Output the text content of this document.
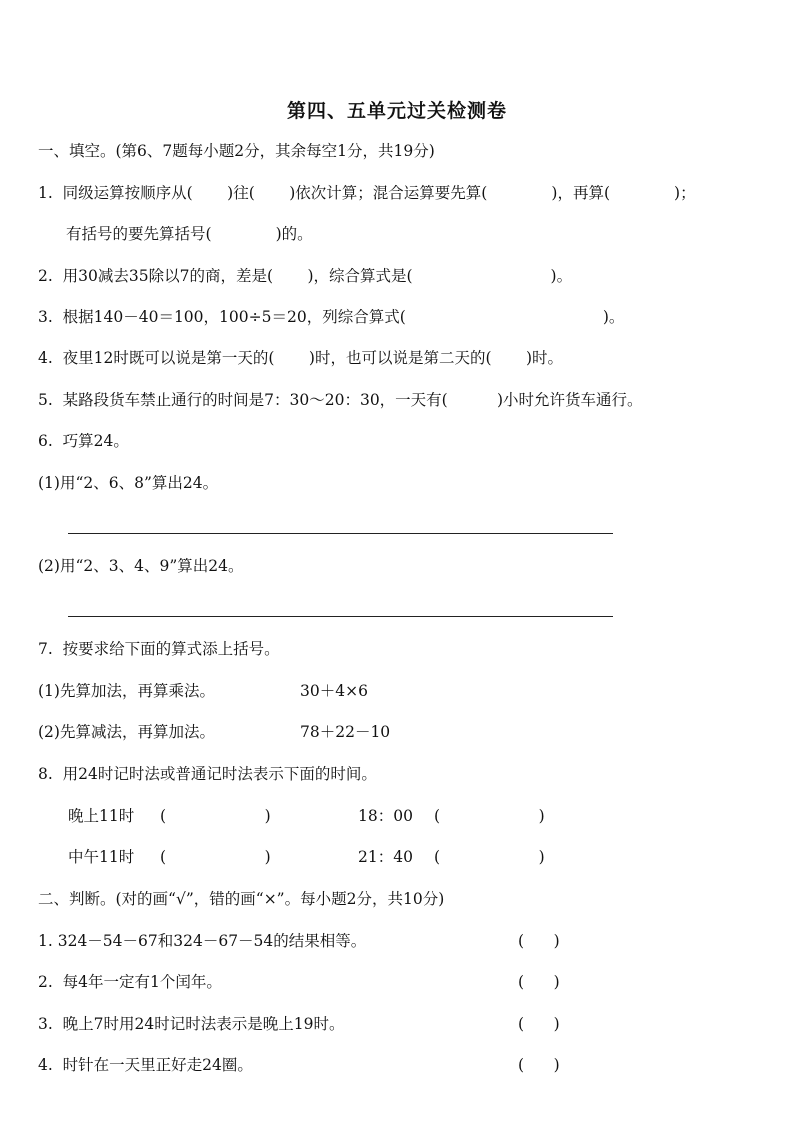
第四、五单元过关检测卷
一、填空。(第6、7题每小题2分，其余每空1分，共19分)
1.  同级运算按顺序从(       )往(       )依次计算；混合运算要先算(             )，再算(             )；
有括号的要先算括号(             )的。
2.  用30减去35除以7的商，差是(       )，综合算式是(                            )。
3.  根据140－40＝100，100÷5＝20，列综合算式(                                        )。
4.  夜里12时既可以说是第一天的(       )时，也可以说是第二天的(       )时。
5.  某路段货车禁止通行的时间是7：30～20：30，一天有(          )小时允许货车通行。
6.  巧算24。
(1)用“2、6、8”算出24。
(2)用“2、3、4、9”算出24。
7.  按要求给下面的算式添上括号。
(1)先算加法，再算乘法。	30＋4×6
(2)先算减法，再算加法。	78＋22－10
8.  用24时记时法或普通记时法表示下面的时间。
晚上11时 (                    )	18：00 (                    )
中午11时 (                    )	21：40 (                    )
二、判断。(对的画“√”，错的画“×”。每小题2分，共10分)
1. 324－54－67和324－67－54的结果相等。	(      )
2.  每4年一定有1个闰年。	(      )
3.  晚上7时用24时记时法表示是晚上19时。	(      )
4.  时针在一天里正好走24圈。	(      )
